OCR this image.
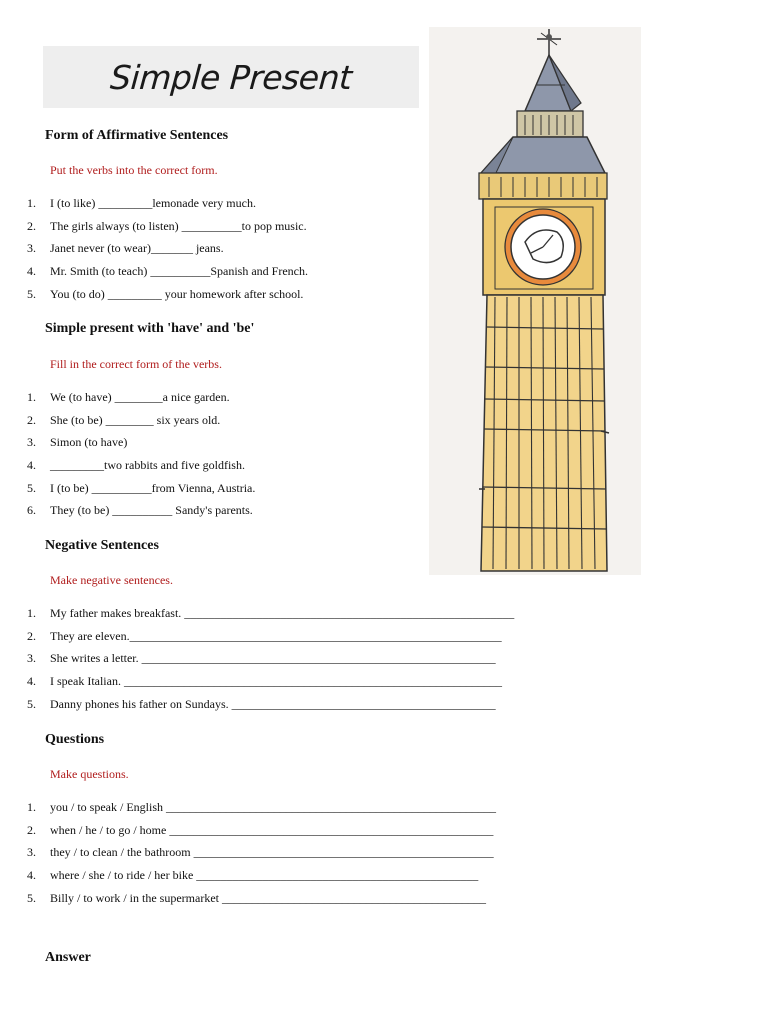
Simple Present
Form of Affirmative Sentences
Put the verbs into the correct form.
1.	I (to like) _________lemonade very much.
2.	The girls always (to listen) __________to pop music.
3.	Janet never (to wear)_______ jeans.
4.	Mr. Smith (to teach) __________Spanish and French.
5.	You (to do) _________ your homework after school.
Simple present with 'have' and 'be'
Fill in the correct form of the verbs.
1.	We (to have) ________a nice garden.
2.	She (to be) ________ six years old.
3.	Simon (to have)
4.	_________two rabbits and five goldfish.
5.	I (to be) __________from Vienna, Austria.
6.	They (to be) __________ Sandy's parents.
Negative Sentences
Make negative sentences.
1.	My father makes breakfast. _______________________________________________________
2.	They are eleven.______________________________________________________________
3.	She writes a letter. ___________________________________________________________
4.	I speak Italian. _______________________________________________________________
5.	Danny phones his father on Sundays. ____________________________________________
Questions
Make questions.
1.	you / to speak / English _______________________________________________________
2.	when / he / to go / home ______________________________________________________
3.	they / to clean / the bathroom __________________________________________________
4.	where / she / to ride / her bike _______________________________________________
5.	Billy / to work / in the supermarket ____________________________________________
Answer
